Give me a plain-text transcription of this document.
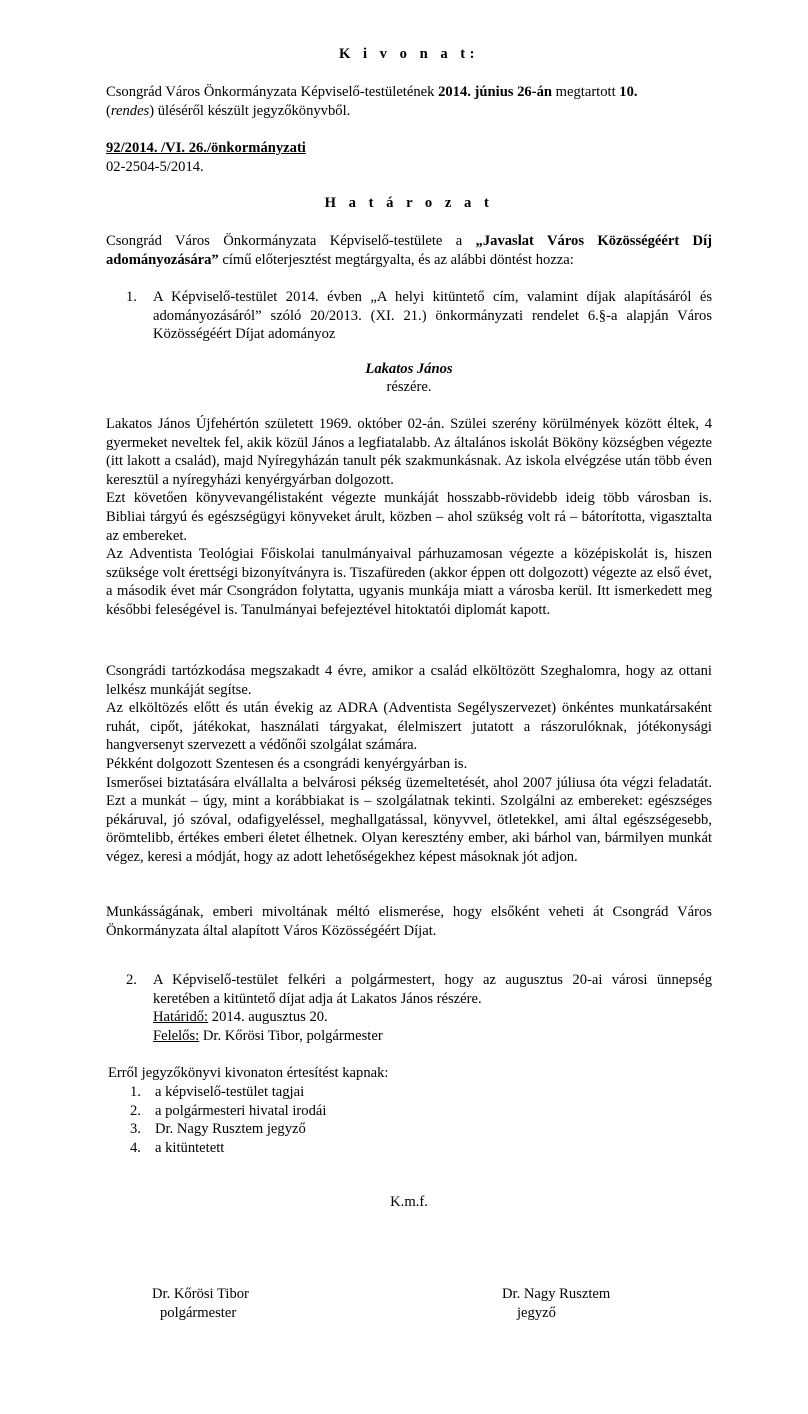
K i v o n a t:

Csongrád Város Önkormányzata Képviselő-testületének 2014. június 26-án megtartott 10.
(rendes) üléséről készült jegyzőkönyvből.

92/2014. /VI. 26./önkormányzati

02-2504-5/2014.

H a t á r o z a t

Csongrád Város Önkormányzata Képviselő-testülete a „Javaslat Város Közösségéért Díj adományozására” című előterjesztést megtárgyalta, és az alábbi döntést hozza:

1.	A Képviselő-testület 2014. évben „A helyi kitüntető cím, valamint díjak alapításáról és adományozásáról” szóló 20/2013. (XI. 21.) önkormányzati rendelet 6.§-a alapján Város Közösségéért Díjat adományoz

Lakatos János

részére.

Lakatos János Újfehértón született 1969. október 02-án. Szülei szerény körülmények között éltek, 4 gyermeket neveltek fel, akik közül János a legfiatalabb. Az általános iskolát Bököny községben végezte (itt lakott a család), majd Nyíregyházán tanult pék szakmunkásnak. Az iskola elvégzése után több éven keresztül a nyíregyházi kenyérgyárban dolgozott.

Ezt követően könyvevangélistaként végezte munkáját hosszabb-rövidebb ideig több városban is. Bibliai tárgyú és egészségügyi könyveket árult, közben – ahol szükség volt rá – bátorította, vigasztalta az embereket.

Az Adventista Teológiai Főiskolai tanulmányaival párhuzamosan végezte a középiskolát is, hiszen szüksége volt érettségi bizonyítványra is. Tiszafüreden (akkor éppen ott dolgozott) végezte az első évet, a második évet már Csongrádon folytatta, ugyanis munkája miatt a városba kerül. Itt ismerkedett meg későbbi feleségével is. Tanulmányai befejeztével hitoktatói diplomát kapott.

Csongrádi tartózkodása megszakadt 4 évre, amikor a család elköltözött Szeghalomra, hogy az ottani lelkész munkáját segítse.

Az elköltözés előtt és után évekig az ADRA (Adventista Segélyszervezet) önkéntes munkatársaként ruhát, cipőt, játékokat, használati tárgyakat, élelmiszert jutatott a rászorulóknak, jótékonysági hangversenyt szervezett a védőnői szolgálat számára.

Pékként dolgozott Szentesen és a csongrádi kenyérgyárban is.

Ismerősei biztatására elvállalta a belvárosi pékség üzemeltetését, ahol 2007 júliusa óta végzi feladatát. Ezt a munkát – úgy, mint a korábbiakat is – szolgálatnak tekinti. Szolgálni az embereket: egészséges pékáruval, jó szóval, odafigyeléssel, meghallgatással, könyvvel, ötletekkel, ami által egészségesebb, örömtelibb, értékes emberi életet élhetnek. Olyan keresztény ember, aki bárhol van, bármilyen munkát végez, keresi a módját, hogy az adott lehetőségekhez képest másoknak jót adjon.

Munkásságának, emberi mivoltának méltó elismerése, hogy elsőként veheti át Csongrád Város Önkormányzata által alapított Város Közösségéért Díjat.

2.	A Képviselő-testület felkéri a polgármestert, hogy az augusztus 20-ai városi ünnepség keretében a kitüntető díjat adja át Lakatos János részére.

Határidő: 2014. augusztus 20.

Felelős: Dr. Kőrösi Tibor, polgármester

Erről jegyzőkönyvi kivonaton értesítést kapnak:

1. a képviselő-testület tagjai
2. a polgármesteri hivatal irodái
3. Dr. Nagy Rusztem jegyző
4. a kitüntetett

K.m.f.

Dr. Kőrösi Tibor
polgármester
Dr. Nagy Rusztem
jegyző
